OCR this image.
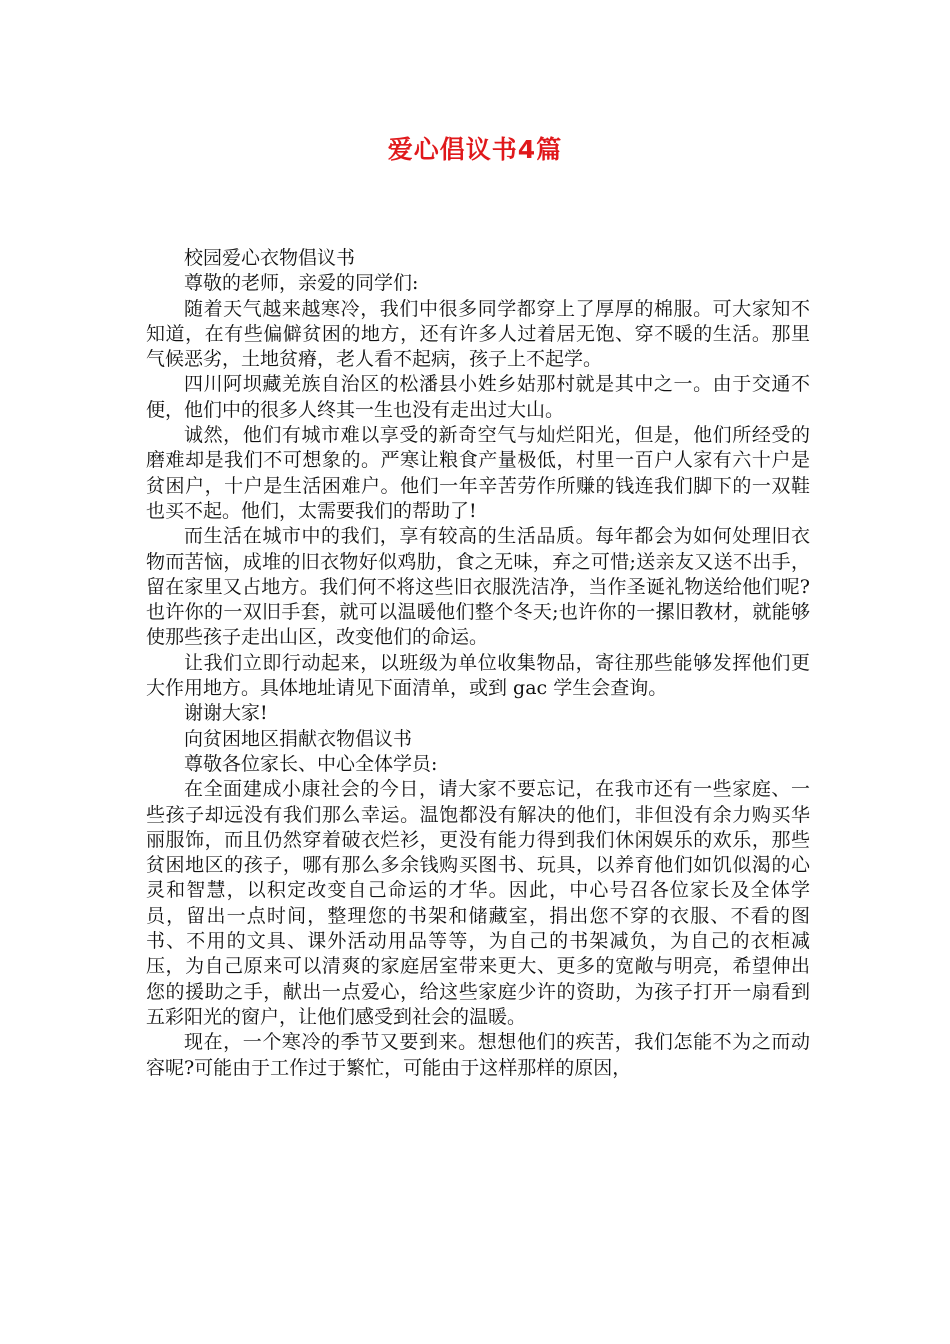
爱心倡议书4篇

校园爱心衣物倡议书

尊敬的老师，亲爱的同学们:

随着天气越来越寒冷，我们中很多同学都穿上了厚厚的棉服。可大家知不知道，在有些偏僻贫困的地方，还有许多人过着居无饱、穿不暖的生活。那里气候恶劣，土地贫瘠，老人看不起病，孩子上不起学。

四川阿坝藏羌族自治区的松潘县小姓乡姑那村就是其中之一。由于交通不便，他们中的很多人终其一生也没有走出过大山。

诚然，他们有城市难以享受的新奇空气与灿烂阳光，但是，他们所经受的磨难却是我们不可想象的。严寒让粮食产量极低，村里一百户人家有六十户是贫困户，十户是生活困难户。他们一年辛苦劳作所赚的钱连我们脚下的一双鞋也买不起。他们，太需要我们的帮助了!

而生活在城市中的我们，享有较高的生活品质。每年都会为如何处理旧衣物而苦恼，成堆的旧衣物好似鸡肋，食之无味，弃之可惜;送亲友又送不出手，留在家里又占地方。我们何不将这些旧衣服洗洁净，当作圣诞礼物送给他们呢?也许你的一双旧手套，就可以温暖他们整个冬天;也许你的一摞旧教材，就能够使那些孩子走出山区，改变他们的命运。

让我们立即行动起来，以班级为单位收集物品，寄往那些能够发挥他们更大作用地方。具体地址请见下面清单，或到 gac 学生会查询。

谢谢大家!

向贫困地区捐献衣物倡议书

尊敬各位家长、中心全体学员:

在全面建成小康社会的今日，请大家不要忘记，在我市还有一些家庭、一些孩子却远没有我们那么幸运。温饱都没有解决的他们，非但没有余力购买华丽服饰，而且仍然穿着破衣烂衫，更没有能力得到我们休闲娱乐的欢乐，那些贫困地区的孩子，哪有那么多余钱购买图书、玩具，以养育他们如饥似渴的心灵和智慧，以积定改变自己命运的才华。因此，中心号召各位家长及全体学员，留出一点时间，整理您的书架和储藏室，捐出您不穿的衣服、不看的图书、不用的文具、课外活动用品等等，为自己的书架减负，为自己的衣柜减压，为自己原来可以清爽的家庭居室带来更大、更多的宽敞与明亮，希望伸出您的援助之手，献出一点爱心，给这些家庭少许的资助，为孩子打开一扇看到五彩阳光的窗户，让他们感受到社会的温暖。

现在，一个寒冷的季节又要到来。想想他们的疾苦，我们怎能不为之而动容呢?可能由于工作过于繁忙，可能由于这样那样的原因，
